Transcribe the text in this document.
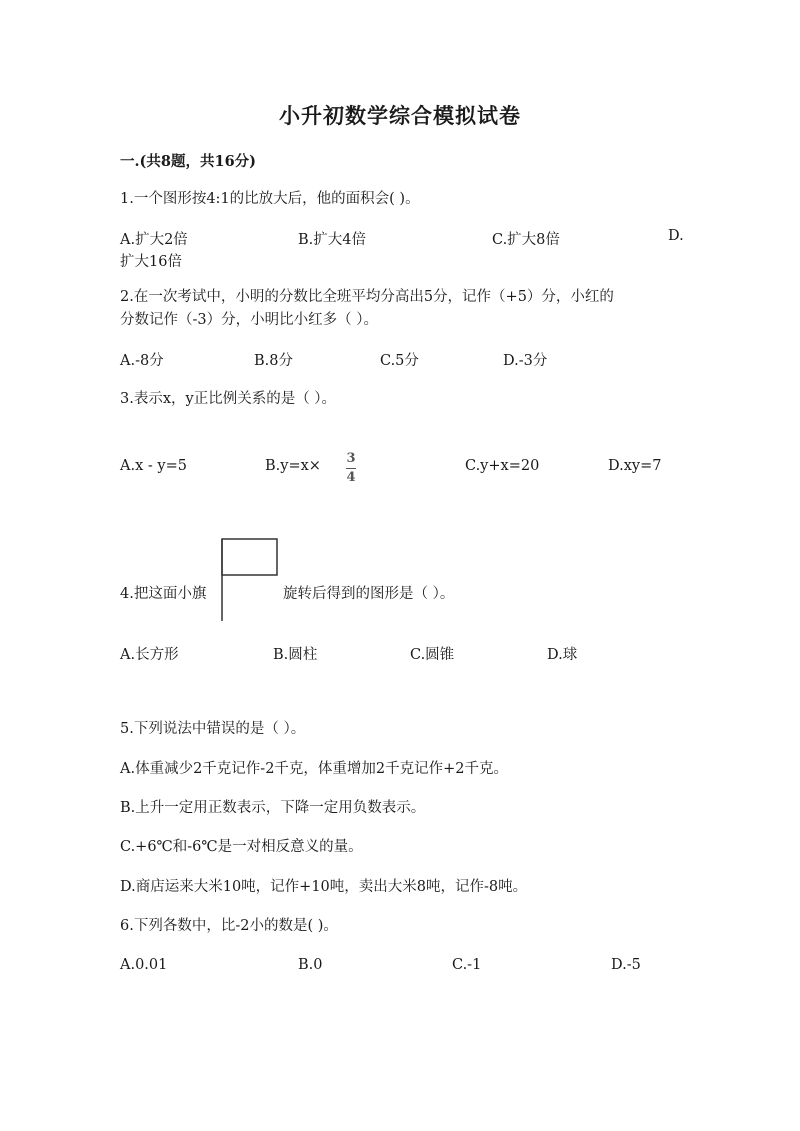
小升初数学综合模拟试卷
一.(共8题，共16分)
1.一个图形按4:1的比放大后，他的面积会( )。
A.扩大2倍	B.扩大4倍	C.扩大8倍	D.
扩大16倍
2.在一次考试中，小明的分数比全班平均分高出5分，记作（+5）分，小红的
分数记作（-3）分，小明比小红多（ ）。
A.-8分	B.8分	C.5分	D.-3分
3.表示x，y正比例关系的是（ ）。
A.x - y=5	B.y=x× 3
4
C.y+x=20	D.xy=7
4.把这面小旗	旋转后得到的图形是（ ）。
A.长方形	B.圆柱	C.圆锥	D.球
5.下列说法中错误的是（ ）。
A.体重减少2千克记作-2千克，体重增加2千克记作+2千克。
B.上升一定用正数表示，下降一定用负数表示。
C.+6℃和-6℃是一对相反意义的量。
D.商店运来大米10吨，记作+10吨，卖出大米8吨，记作-8吨。
6.下列各数中，比-2小的数是( )。
A.0.01	B.0	C.-1	D.-5
